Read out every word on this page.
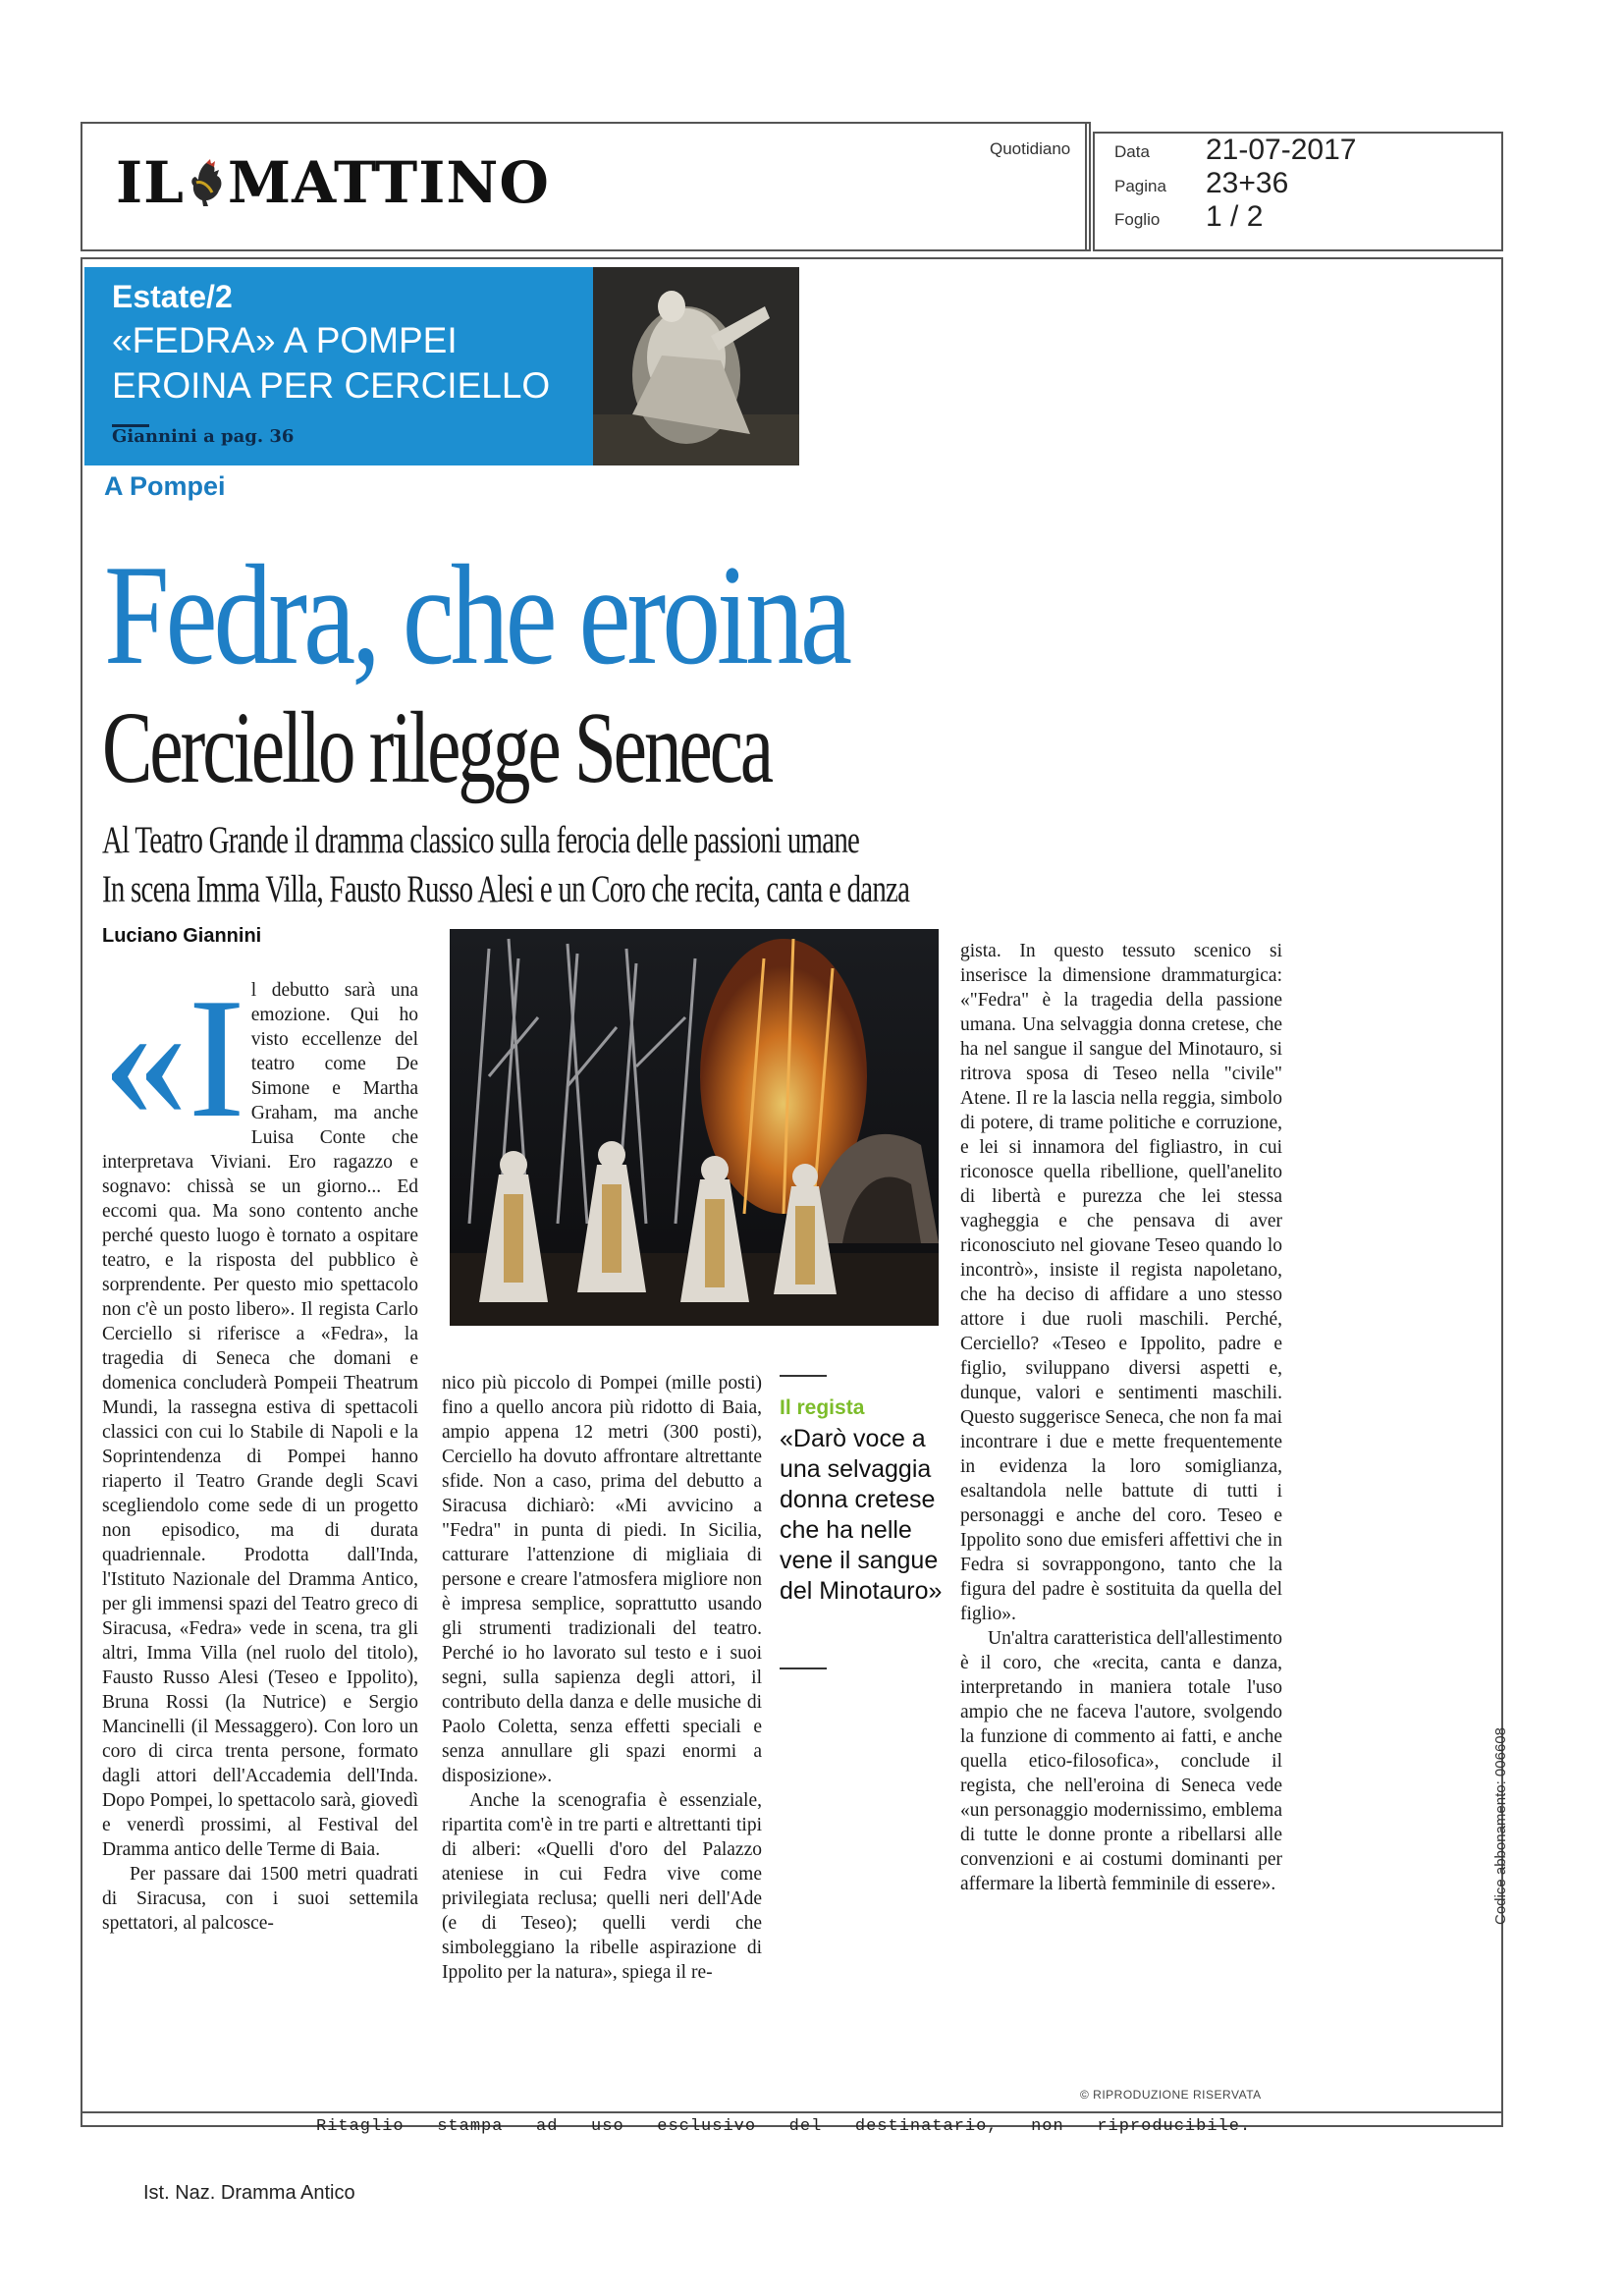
IL MATTINO
Quotidiano	Data 21-07-2017
Pagina 23+36
Foglio 1 / 2
Estate/2
«FEDRA» A POMPEI
EROINA PER CERCIELLO
Giannini a pag. 36
A Pompei
Fedra, che eroina
Cerciello rilegge Seneca
Al Teatro Grande il dramma classico sulla ferocia delle passioni umane
In scena Imma Villa, Fausto Russo Alesi e un Coro che recita, canta e danza
Luciano Giannini
«I l debutto sarà una emozione. Qui ho visto eccellenze del teatro come De Simone e Martha Graham, ma anche Luisa Conte che interpretava Viviani. Ero ragazzo e sognavo: chissà se un giorno... Ed eccomi qua. Ma sono contento anche perché questo luogo è tornato a ospitare teatro, e la risposta del pubblico è sorprendente. Per questo mio spettacolo non c'è un posto libero». Il regista Carlo Cerciello si riferisce a «Fedra», la tragedia di Seneca che domani e domenica concluderà Pompeii Theatrum Mundi, la rassegna estiva di spettacoli classici con cui lo Stabile di Napoli e la Soprintendenza di Pompei hanno riaperto il Teatro Grande degli Scavi scegliendolo come sede di un progetto non episodico, ma di durata quadriennale. Prodotta dall'Inda, l'Istituto Nazionale del Dramma Antico, per gli immensi spazi del Teatro greco di Siracusa, «Fedra» vede in scena, tra gli altri, Imma Villa (nel ruolo del titolo), Fausto Russo Alesi (Teseo e Ippolito), Bruna Rossi (la Nutrice) e Sergio Mancinelli (il Messaggero). Con loro un coro di circa trenta persone, formato dagli attori dell'Accademia dell'Inda. Dopo Pompei, lo spettacolo sarà, giovedì e venerdì prossimi, al Festival del Dramma antico delle Terme di Baia.

Per passare dai 1500 metri quadrati di Siracusa, con i suoi settemila spettatori, al palcosce-

nico più piccolo di Pompei (mille posti) fino a quello ancora più ridotto di Baia, ampio appena 12 metri (300 posti), Cerciello ha dovuto affrontare altrettante sfide. Non a caso, prima del debutto a Siracusa dichiarò: «Mi avvicino a "Fedra" in punta di piedi. In Sicilia, catturare l'attenzione di migliaia di persone e creare l'atmosfera migliore non è impresa semplice, soprattutto usando gli strumenti tradizionali del teatro. Perché io ho lavorato sul testo e i suoi segni, sulla sapienza degli attori, il contributo della danza e delle musiche di Paolo Coletta, senza effetti speciali e senza annullare gli spazi enormi a disposizione».

Anche la scenografia è essenziale, ripartita com'è in tre parti e altrettanti tipi di alberi: «Quelli d'oro del Palazzo ateniese in cui Fedra vive come privilegiata reclusa; quelli neri dell'Ade (e di Teseo); quelli verdi che simboleggiano la ribelle aspirazione di Ippolito per la natura», spiega il re-

Il regista
«Darò voce a una selvaggia donna cretese che ha nelle vene il sangue del Minotauro»

gista. In questo tessuto scenico si inserisce la dimensione drammaturgica: «"Fedra" è la tragedia della passione umana. Una selvaggia donna cretese, che ha nel sangue il sangue del Minotauro, si ritrova sposa di Teseo nella "civile" Atene. Il re la lascia nella reggia, simbolo di potere, di trame politiche e corruzione, e lei si innamora del figliastro, in cui riconosce quella ribellione, quell'anelito di libertà e purezza che lei stessa vagheggia e che pensava di aver riconosciuto nel giovane Teseo quando lo incontrò», insiste il regista napoletano, che ha deciso di affidare a uno stesso attore i due ruoli maschili. Perché, Cerciello? «Teseo e Ippolito, padre e figlio, sviluppano diversi aspetti e, dunque, valori e sentimenti maschili. Questo suggerisce Seneca, che non fa mai incontrare i due e mette frequentemente in evidenza la loro somiglianza, esaltandola nelle battute di tutti i personaggi e anche del coro. Teseo e Ippolito sono due emisferi affettivi che in Fedra si sovrappongono, tanto che la figura del padre è sostituita da quella del figlio».

Un'altra caratteristica dell'allestimento è il coro, che «recita, canta e danza, interpretando in maniera totale l'uso ampio che ne faceva l'autore, svolgendo la funzione di commento ai fatti, e anche quella etico-filosofica», conclude il regista, che nell'eroina di Seneca vede «un personaggio modernissimo, emblema di tutte le donne pronte a ribellarsi alle convenzioni e ai costumi dominanti per affermare la libertà femminile di essere».

© RIPRODUZIONE RISERVATA
Ritaglio   stampa   ad   uso   esclusivo   del   destinatario,   non   riproducibile.
Codice abbonamento: 006608
Ist. Naz. Dramma Antico
